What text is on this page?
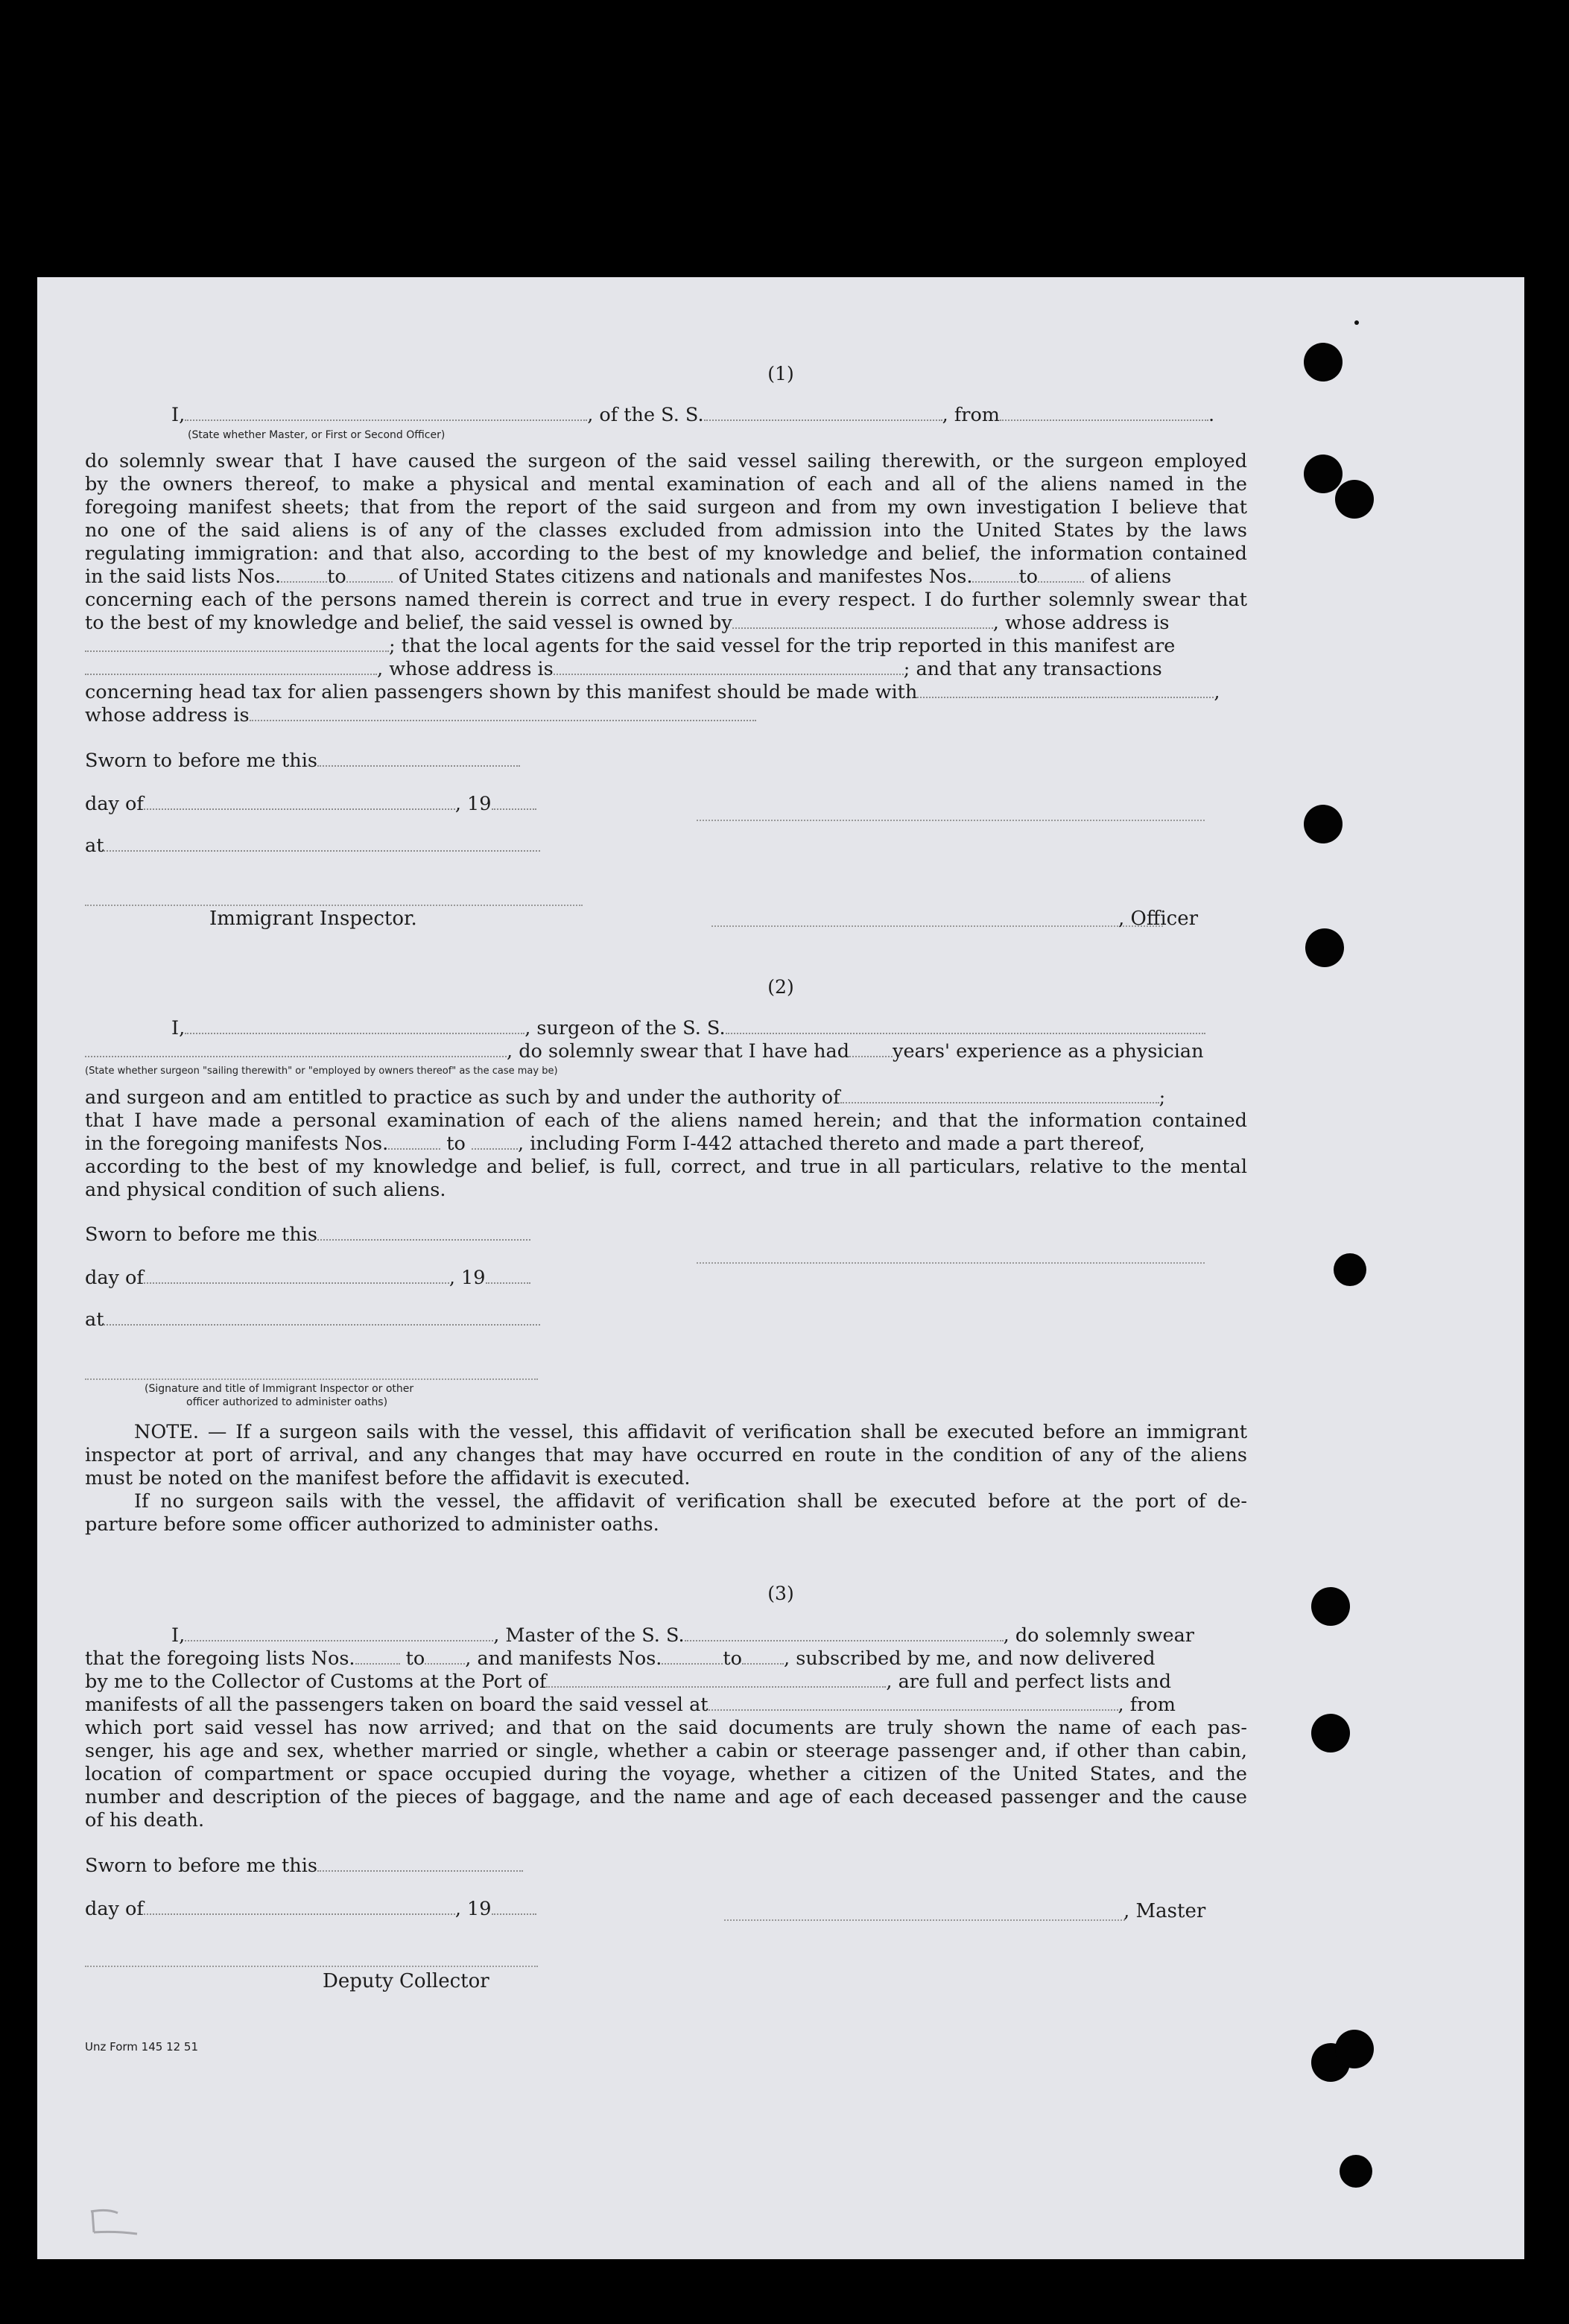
(1)
I,	, of the S. S.	, from	.
(State whether Master, or First or Second Officer)
do solemnly swear that I have caused the surgeon of the said vessel sailing therewith, or the surgeon employed
by the owners thereof, to make a physical and mental examination of each and all of the aliens named in the
foregoing manifest sheets; that from the report of the said surgeon and from my own investigation I believe that
no one of the said aliens is of any of the classes excluded from admission into the United States by the laws
regulating immigration: and that also, according to the best of my knowledge and belief, the information contained
in the said lists Nos. to	of United States citizens and nationals and manifestes Nos. to	of aliens
concerning each of the persons named therein is correct and true in every respect. I do further solemnly swear that
to the best of my knowledge and belief, the said vessel is owned by	, whose address is
; that the local agents for the said vessel for the trip reported in this manifest are
, whose address is	; and that any transactions
concerning head tax for alien passengers shown by this manifest should be made with	,
whose address is
Sworn to before me this
day of	, 19
at
Immigrant Inspector.	, Officer
(2)
I,	, surgeon of the S. S.
, do solemnly swear that I have had years' experience as a physician
(State whether surgeon "sailing therewith" or "employed by owners thereof" as the case may be)
and surgeon and am entitled to practice as such by and under the authority of	;
that I have made a personal examination of each of the aliens named herein; and that the information contained
in the foregoing manifests Nos.	to	, including Form I-442 attached thereto and made a part thereof,
according to the best of my knowledge and belief, is full, correct, and true in all particulars, relative to the mental
and physical condition of such aliens.
Sworn to before me this
day of	, 19
at
(Signature and title of Immigrant Inspector or other
officer authorized to administer oaths)
NOTE. — If a surgeon sails with the vessel, this affidavit of verification shall be executed before an immigrant
inspector at port of arrival, and any changes that may have occurred en route in the condition of any of the aliens
must be noted on the manifest before the affidavit is executed.
If no surgeon sails with the vessel, the affidavit of verification shall be executed before at the port of de-
parture before some officer authorized to administer oaths.
(3)
I,	, Master of the S. S.	, do solemnly swear
that the foregoing lists Nos.	to , and manifests Nos.	to , subscribed by me, and now delivered
by me to the Collector of Customs at the Port of	, are full and perfect lists and
manifests of all the passengers taken on board the said vessel at	, from
which port said vessel has now arrived; and that on the said documents are truly shown the name of each pas-
senger, his age and sex, whether married or single, whether a cabin or steerage passenger and, if other than cabin,
location of compartment or space occupied during the voyage, whether a citizen of the United States, and the
number and description of the pieces of baggage, and the name and age of each deceased passenger and the cause
of his death.
Sworn to before me this
day of	, 19	, Master
Deputy Collector
Unz Form 145 12 51
